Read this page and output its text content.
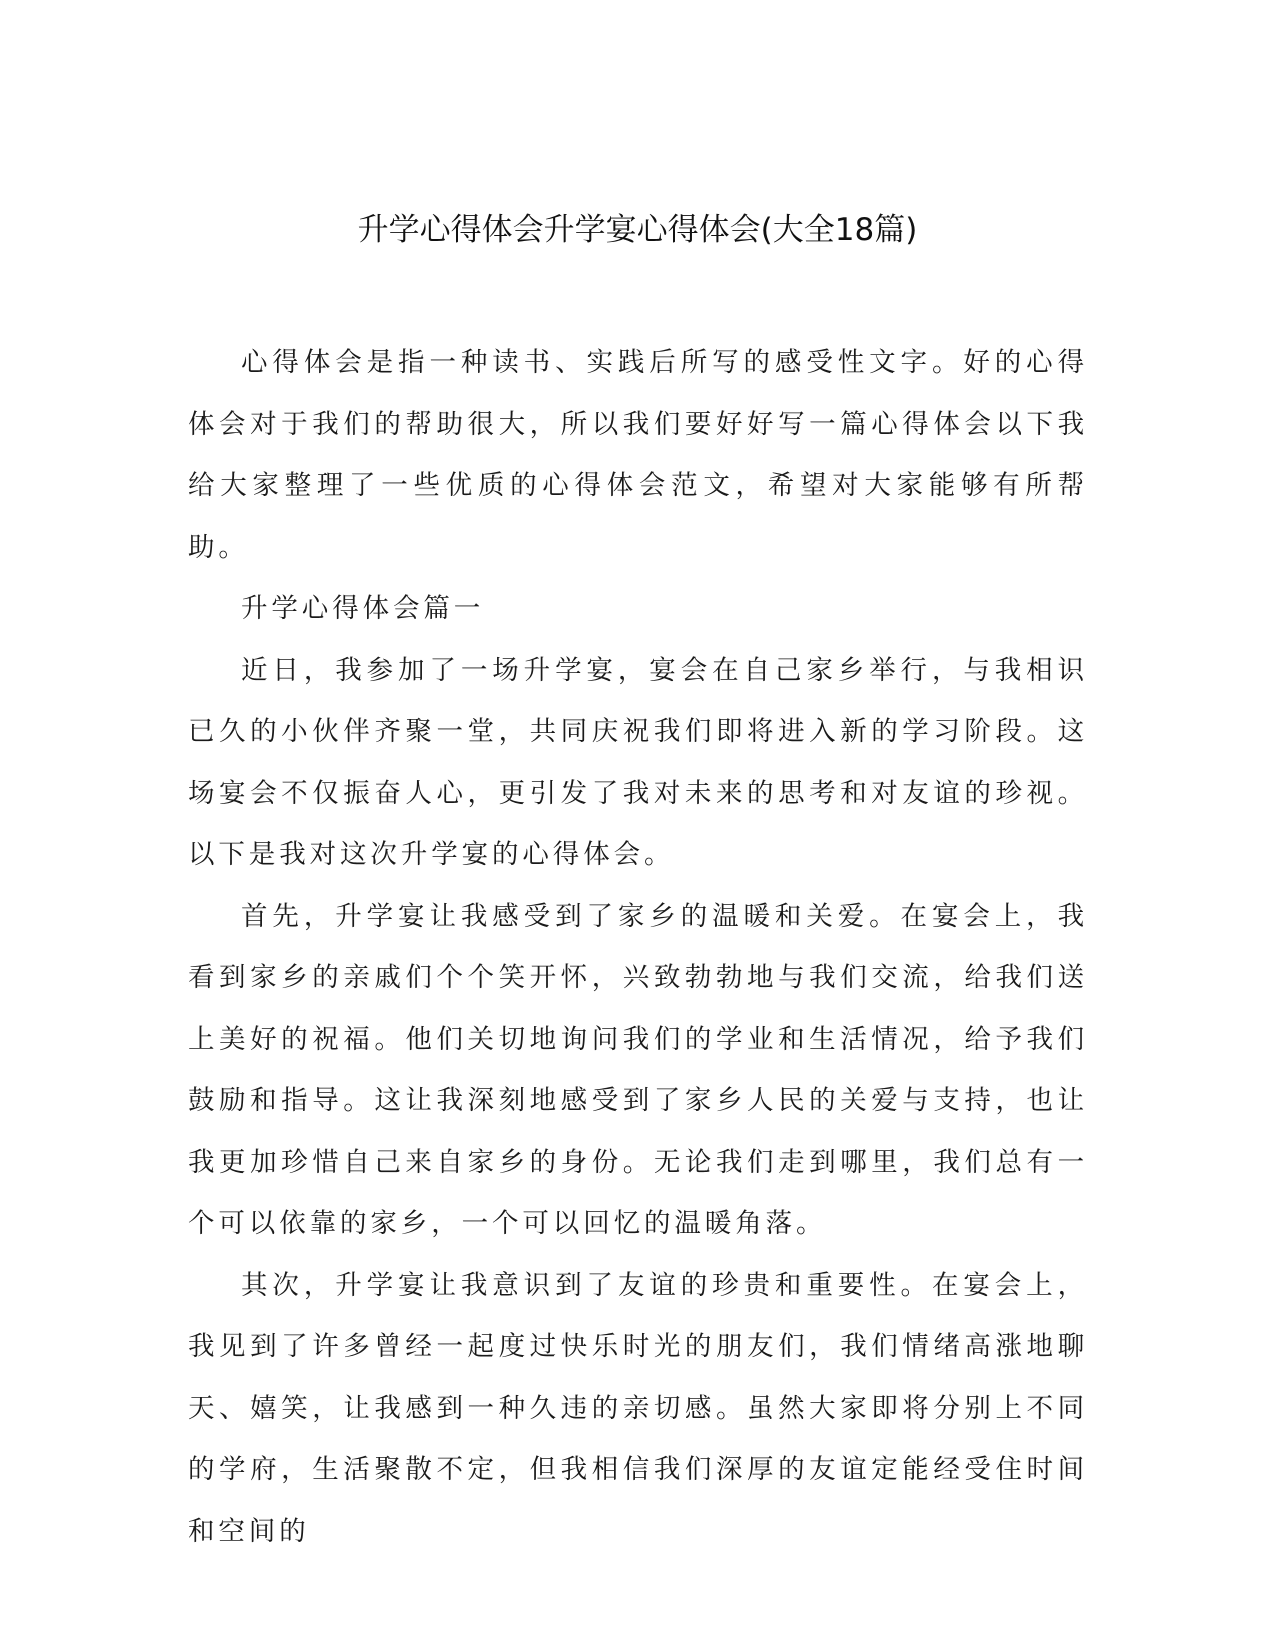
升学心得体会升学宴心得体会(大全18篇)

心得体会是指一种读书、实践后所写的感受性文字。好的心得体会对于我们的帮助很大，所以我们要好好写一篇心得体会以下我给大家整理了一些优质的心得体会范文，希望对大家能够有所帮助。

升学心得体会篇一

近日，我参加了一场升学宴，宴会在自己家乡举行，与我相识已久的小伙伴齐聚一堂，共同庆祝我们即将进入新的学习阶段。这场宴会不仅振奋人心，更引发了我对未来的思考和对友谊的珍视。以下是我对这次升学宴的心得体会。

首先，升学宴让我感受到了家乡的温暖和关爱。在宴会上，我看到家乡的亲戚们个个笑开怀，兴致勃勃地与我们交流，给我们送上美好的祝福。他们关切地询问我们的学业和生活情况，给予我们鼓励和指导。这让我深刻地感受到了家乡人民的关爱与支持，也让我更加珍惜自己来自家乡的身份。无论我们走到哪里，我们总有一个可以依靠的家乡，一个可以回忆的温暖角落。

其次，升学宴让我意识到了友谊的珍贵和重要性。在宴会上，我见到了许多曾经一起度过快乐时光的朋友们，我们情绪高涨地聊天、嬉笑，让我感到一种久违的亲切感。虽然大家即将分别上不同的学府，生活聚散不定，但我相信我们深厚的友谊定能经受住时间和空间的
